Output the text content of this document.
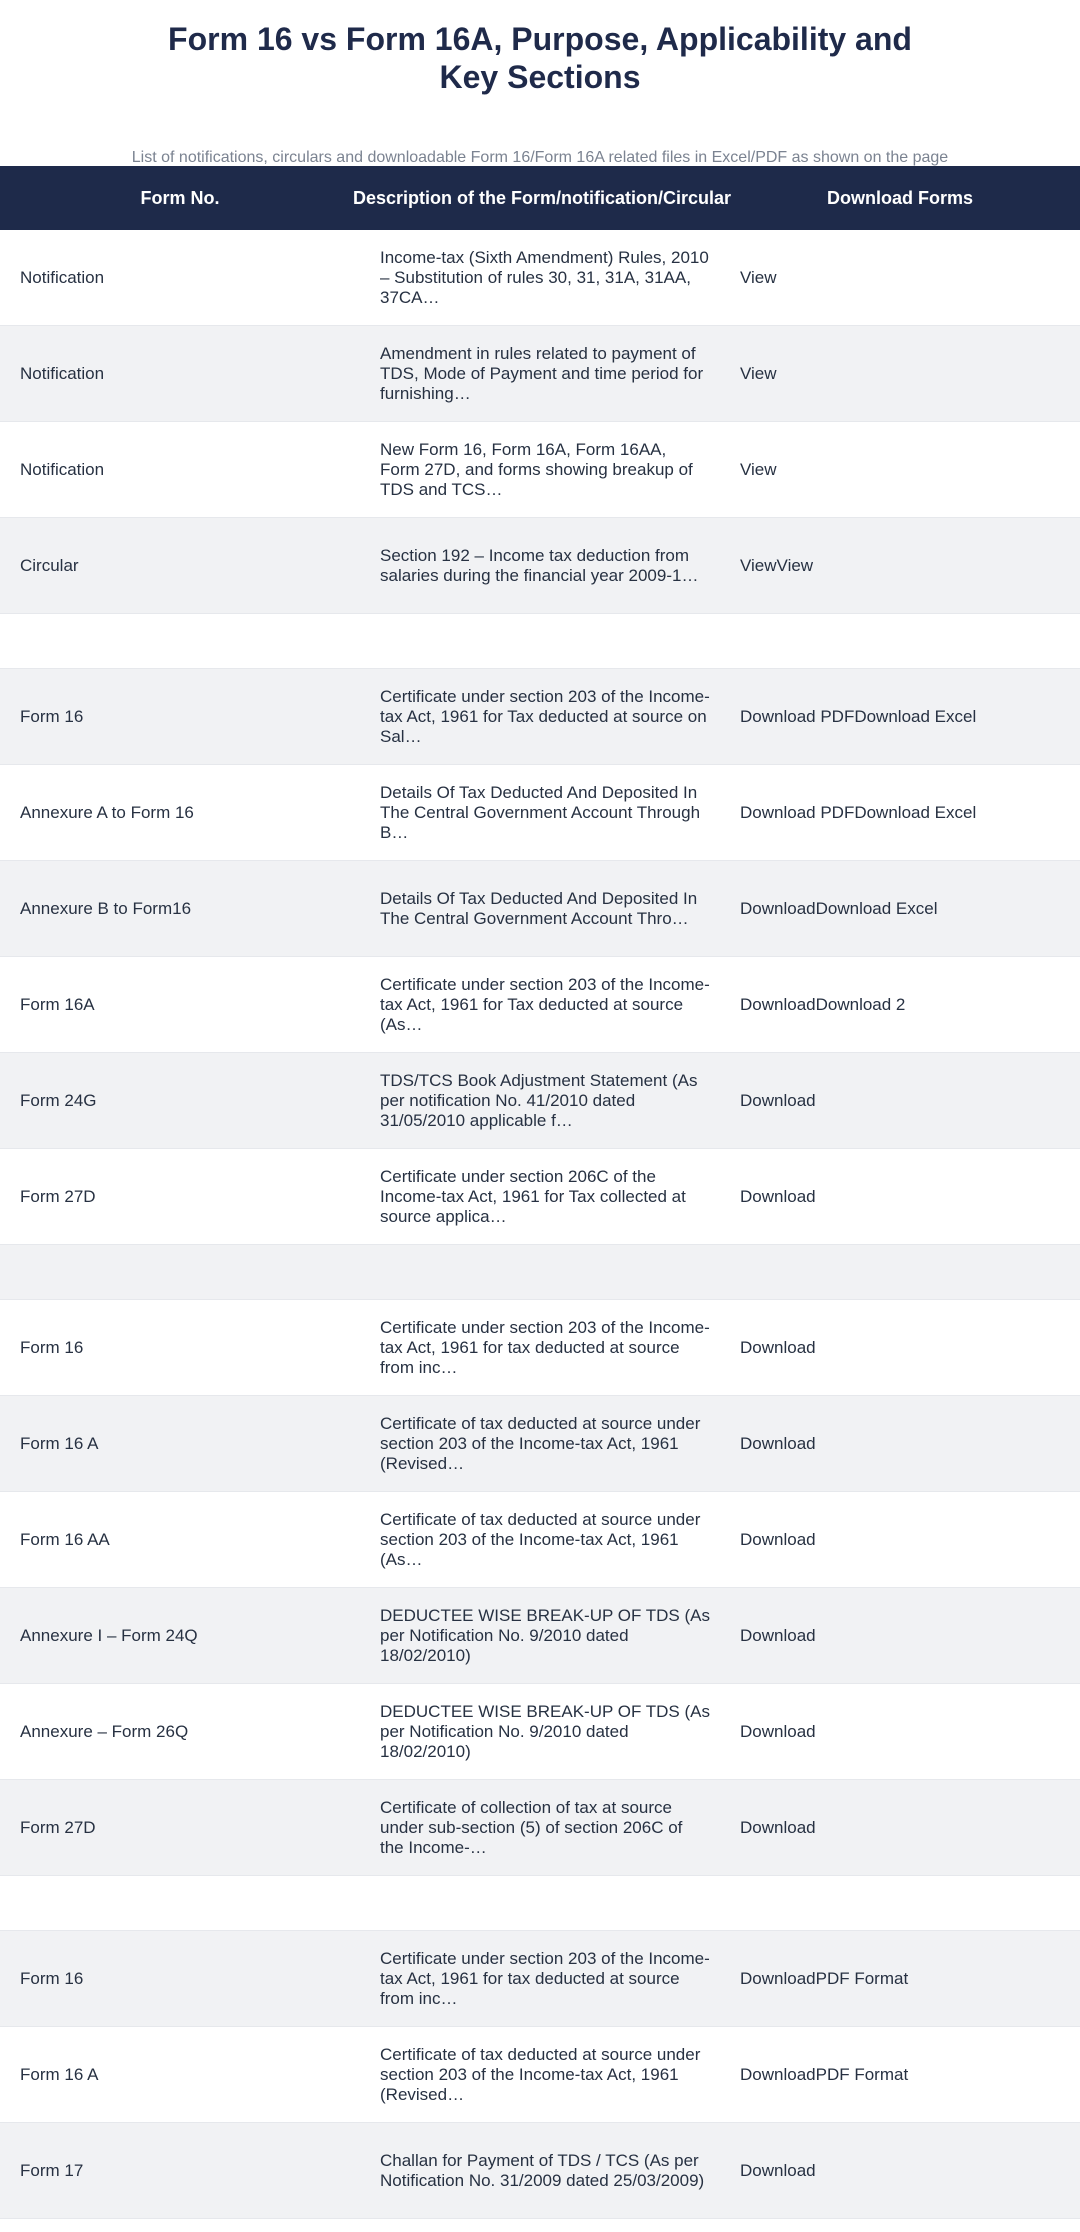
Form 16 vs Form 16A, Purpose, Applicability and Key Sections

List of notifications, circulars and downloadable Form 16/Form 16A related files in Excel/PDF as shown on the page

Form No.	Description of the Form/notification/Circular	Download Forms
Notification
Income-tax (Sixth Amendment) Rules, 2010 – Substitution of rules 30, 31, 31A, 31AA, 37CA…
View
Notification
Amendment in rules related to payment of TDS, Mode of Payment and time period for furnishing…
View
Notification
New Form 16, Form 16A, Form 16AA, Form 27D, and forms showing breakup of TDS and TCS…
View
Circular
Section 192 – Income tax deduction from salaries during the financial year 2009-1…
View View
Form 16
Certificate under section 203 of the Income-tax Act, 1961 for Tax deducted at source on Sal…
Download PDF Download Excel
Annexure A to Form 16
Details Of Tax Deducted And Deposited In The Central Government Account Through B…
Download PDF Download Excel
Annexure B to Form16
Details Of Tax Deducted And Deposited In The Central Government Account Thro…
Download Download Excel
Form 16A
Certificate under section 203 of the Income-tax Act, 1961 for Tax deducted at source (As…
Download Download 2
Form 24G
TDS/TCS Book Adjustment Statement (As per notification No. 41/2010 dated 31/05/2010 applicable f…
Download
Form 27D
Certificate under section 206C of the Income-tax Act, 1961 for Tax collected at source applica…
Download
Form 16
Certificate under section 203 of the Income-tax Act, 1961 for tax deducted at source from inc…
Download
Form 16 A
Certificate of tax deducted at source under section 203 of the Income-tax Act, 1961 (Revised…
Download
Form 16 AA
Certificate of tax deducted at source under section 203 of the Income-tax Act, 1961 (As…
Download
Annexure I – Form 24Q
DEDUCTEE WISE BREAK-UP OF TDS (As per Notification No. 9/2010 dated 18/02/2010)
Download
Annexure – Form 26Q
DEDUCTEE WISE BREAK-UP OF TDS (As per Notification No. 9/2010 dated 18/02/2010)
Download
Form 27D
Certificate of collection of tax at source under sub-section (5) of section 206C of the Income-…
Download
Form 16
Certificate under section 203 of the Income-tax Act, 1961 for tax deducted at source from inc…
Download PDF Format
Form 16 A
Certificate of tax deducted at source under section 203 of the Income-tax Act, 1961 (Revised…
Download PDF Format
Form 17
Challan for Payment of TDS / TCS (As per Notification No. 31/2009 dated 25/03/2009)
Download
